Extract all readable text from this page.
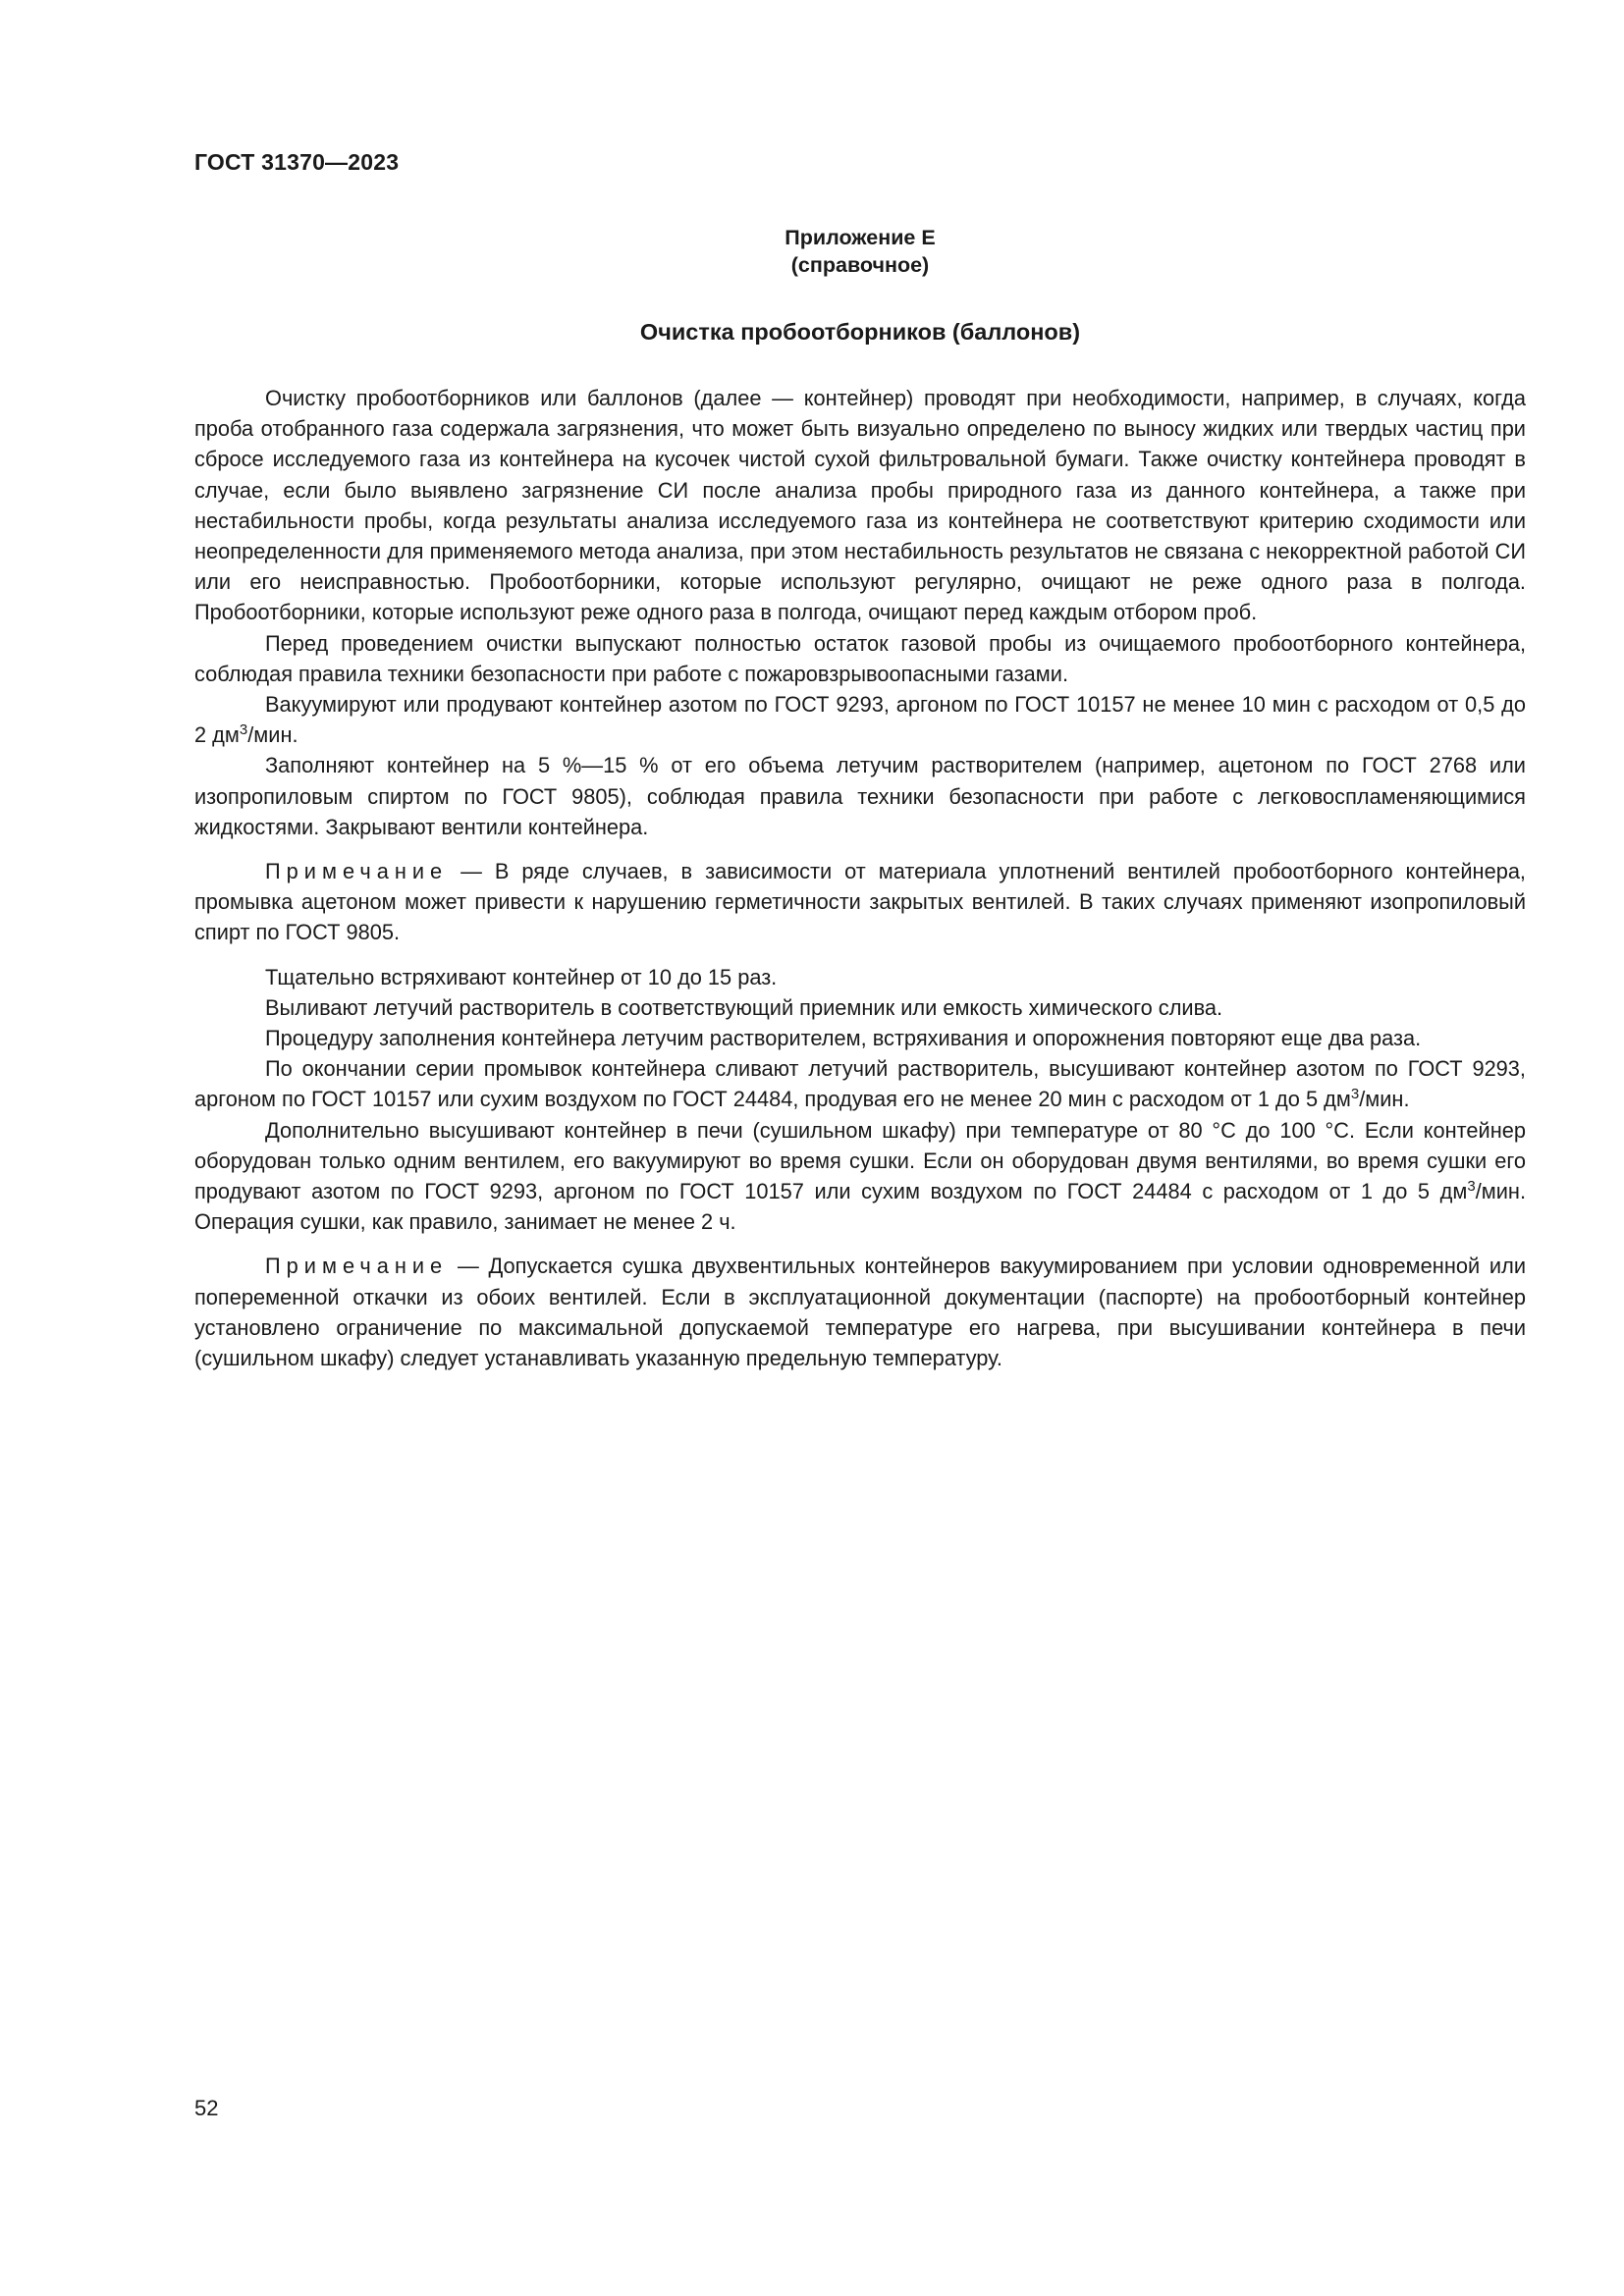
ГОСТ 31370—2023
Приложение Е
(справочное)
Очистка пробоотборников (баллонов)

Очистку пробоотборников или баллонов (далее — контейнер) проводят при необходимости, например, в случаях, когда проба отобранного газа содержала загрязнения, что может быть визуально определено по выносу жидких или твердых частиц при сбросе исследуемого газа из контейнера на кусочек чистой сухой фильтровальной бумаги. Также очистку контейнера проводят в случае, если было выявлено загрязнение СИ после анализа пробы природного газа из данного контейнера, а также при нестабильности пробы, когда результаты анализа исследуемого газа из контейнера не соответствуют критерию сходимости или неопределенности для применяемого метода анализа, при этом нестабильность результатов не связана с некорректной работой СИ или его неисправностью. Пробоотборники, которые используют регулярно, очищают не реже одного раза в полгода. Пробоотборники, которые используют реже одного раза в полгода, очищают перед каждым отбором проб.

Перед проведением очистки выпускают полностью остаток газовой пробы из очищаемого пробоотборного контейнера, соблюдая правила техники безопасности при работе с пожаровзрывоопасными газами.

Вакуумируют или продувают контейнер азотом по ГОСТ 9293, аргоном по ГОСТ 10157 не менее 10 мин с расходом от 0,5 до 2 $дм^3$/мин.

Заполняют контейнер на 5 %—15 % от его объема летучим растворителем (например, ацетоном по ГОСТ 2768 или изопропиловым спиртом по ГОСТ 9805), соблюдая правила техники безопасности при работе с легковоспламеняющимися жидкостями. Закрывают вентили контейнера.

Примечание — В ряде случаев, в зависимости от материала уплотнений вентилей пробоотборного контейнера, промывка ацетоном может привести к нарушению герметичности закрытых вентилей. В таких случаях применяют изопропиловый спирт по ГОСТ 9805.

Тщательно встряхивают контейнер от 10 до 15 раз.

Выливают летучий растворитель в соответствующий приемник или емкость химического слива.

Процедуру заполнения контейнера летучим растворителем, встряхивания и опорожнения повторяют еще два раза.

По окончании серии промывок контейнера сливают летучий растворитель, высушивают контейнер азотом по ГОСТ 9293, аргоном по ГОСТ 10157 или сухим воздухом по ГОСТ 24484, продувая его не менее 20 мин с расходом от 1 до 5 $дм^3$/мин.

Дополнительно высушивают контейнер в печи (сушильном шкафу) при температуре от 80 °С до 100 °С. Если контейнер оборудован только одним вентилем, его вакуумируют во время сушки. Если он оборудован двумя вентилями, во время сушки его продувают азотом по ГОСТ 9293, аргоном по ГОСТ 10157 или сухим воздухом по ГОСТ 24484 с расходом от 1 до 5 $дм^3$/мин. Операция сушки, как правило, занимает не менее 2 ч.

Примечание — Допускается сушка двухвентильных контейнеров вакуумированием при условии одновременной или попеременной откачки из обоих вентилей. Если в эксплуатационной документации (паспорте) на пробоотборный контейнер установлено ограничение по максимальной допускаемой температуре его нагрева, при высушивании контейнера в печи (сушильном шкафу) следует устанавливать указанную предельную температуру.

52
